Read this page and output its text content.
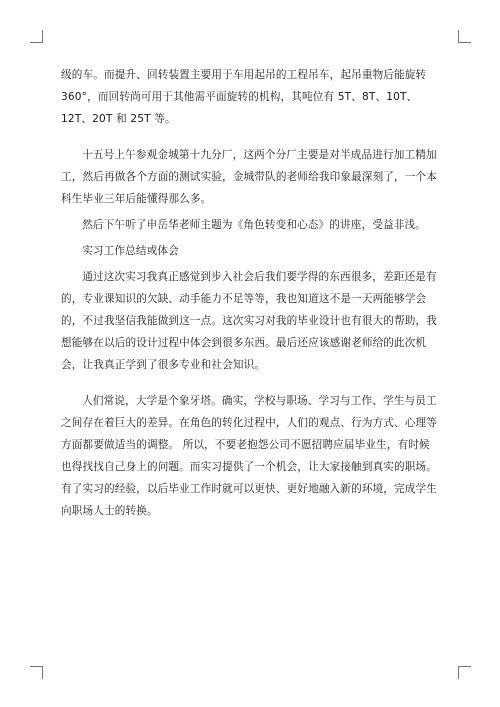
级的车。而提升、回转装置主要用于车用起吊的工程吊车，起吊重物后能旋转 360°，而回转尚可用于其他需平面旋转的机构，其吨位有 5T、8T、10T、12T、20T 和 25T 等。

十五号上午参观金城第十九分厂，这两个分厂主要是对半成品进行加工精加工，然后再做各个方面的测试实验，金城带队的老师给我印象最深刻了，一个本科生毕业三年后能懂得那么多。

然后下午听了申岳华老师主题为《角色转变和心态》的讲座，受益非浅。

实习工作总结或体会

通过这次实习我真正感觉到步入社会后我们要学得的东西很多，差距还是有的，专业课知识的欠缺、动手能力不足等等，我也知道这不是一天两能够学会的，不过我坚信我能做到这一点。这次实习对我的毕业设计也有很大的帮助，我想能够在以后的设计过程中体会到很多东西。最后还应该感谢老师给的此次机会，让我真正学到了很多专业和社会知识。

人们常说，大学是个象牙塔。确实，学校与职场、学习与工作、学生与员工之间存在着巨大的差异。在角色的转化过程中，人们的观点、行为方式、心理等方面都要做适当的调整。 所以，不要老抱怨公司不愿招聘应届毕业生，有时候也得找找自己身上的问题。而实习提供了一个机会，让大家接触到真实的职场。有了实习的经验，以后毕业工作时就可以更快、更好地融入新的环境，完成学生向职场人士的转换。
